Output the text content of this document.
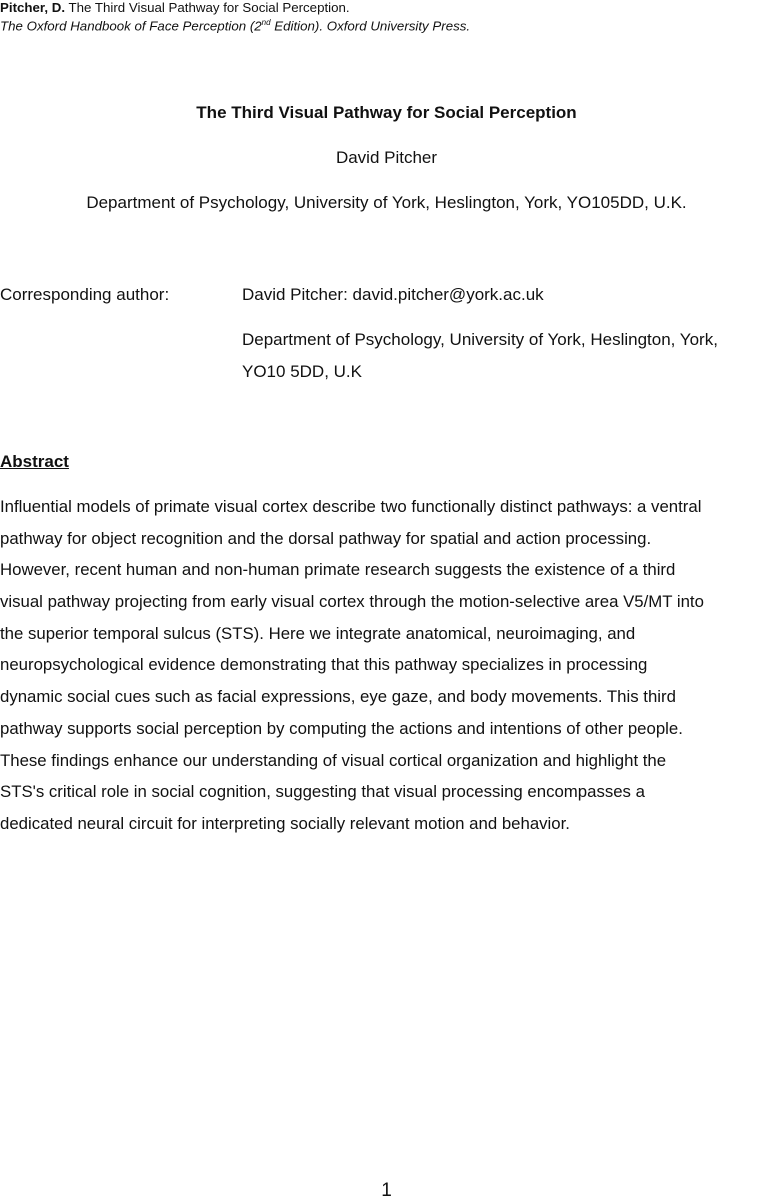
Pitcher, D. The Third Visual Pathway for Social Perception.
The Oxford Handbook of Face Perception (2nd Edition). Oxford University Press.
The Third Visual Pathway for Social Perception
David Pitcher
Department of Psychology, University of York, Heslington, York, YO105DD, U.K.
Corresponding author:	David Pitcher: david.pitcher@york.ac.uk
Department of Psychology, University of York, Heslington, York,
YO10 5DD, U.K
Abstract
Influential models of primate visual cortex describe two functionally distinct pathways: a ventral
pathway for object recognition and the dorsal pathway for spatial and action processing.
However, recent human and non-human primate research suggests the existence of a third
visual pathway projecting from early visual cortex through the motion-selective area V5/MT into
the superior temporal sulcus (STS). Here we integrate anatomical, neuroimaging, and
neuropsychological evidence demonstrating that this pathway specializes in processing
dynamic social cues such as facial expressions, eye gaze, and body movements. This third
pathway supports social perception by computing the actions and intentions of other people.
These findings enhance our understanding of visual cortical organization and highlight the
STS's critical role in social cognition, suggesting that visual processing encompasses a
dedicated neural circuit for interpreting socially relevant motion and behavior.
1
